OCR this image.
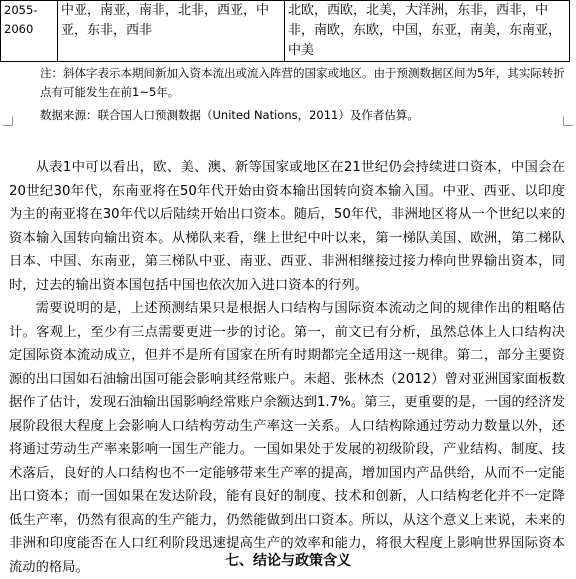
2055-2060	中亚，南亚，南非，北非，西亚，中亚，东非，西非	北欧，西欧，北美，大洋洲，东非，西非，中非，南欧，东欧，中国，东亚，南美，东南亚，中美
注：斜体字表示本期间新加入资本流出或流入阵营的国家或地区。由于预测数据区间为5年，其实际转折点有可能发生在前1~5年。
数据来源：联合国人口预测数据（United Nations，2011）及作者估算。

从表1中可以看出，欧、美、澳、新等国家或地区在21世纪仍会持续进口资本，中国会在20世纪30年代，东南亚将在50年代开始由资本输出国转向资本输入国。中亚、西亚、以印度为主的南亚将在30年代以后陆续开始出口资本。随后，50年代，非洲地区将从一个世纪以来的资本输入国转向输出资本。从梯队来看，继上世纪中叶以来，第一梯队美国、欧洲，第二梯队日本、中国、东南亚，第三梯队中亚、南亚、西亚、非洲相继接过接力棒向世界输出资本，同时，过去的输出资本国包括中国也依次加入进口资本的行列。

需要说明的是，上述预测结果只是根据人口结构与国际资本流动之间的规律作出的粗略估计。客观上，至少有三点需要更进一步的讨论。第一，前文已有分析，虽然总体上人口结构决定国际资本流动成立，但并不是所有国家在所有时期都完全适用这一规律。第二，部分主要资源的出口国如石油输出国可能会影响其经常账户。未超、张林杰（2012）曾对亚洲国家面板数据作了估计，发现石油输出国影响经常账户余额达到1.7%。第三，更重要的是，一国的经济发展阶段很大程度上会影响人口结构劳动生产率这一关系。人口结构除通过劳动力数量以外，还将通过劳动生产率来影响一国生产能力。一国如果处于发展的初级阶段，产业结构、制度、技术落后，良好的人口结构也不一定能够带来生产率的提高，增加国内产品供给，从而不一定能出口资本；而一国如果在发达阶段，能有良好的制度、技术和创新，人口结构老化并不一定降低生产率，仍然有很高的生产能力，仍然能做到出口资本。所以，从这个意义上来说，未来的非洲和印度能否在人口红利阶段迅速提高生产的效率和能力，将很大程度上影响世界国际资本流动的格局。	七、结论与政策含义
